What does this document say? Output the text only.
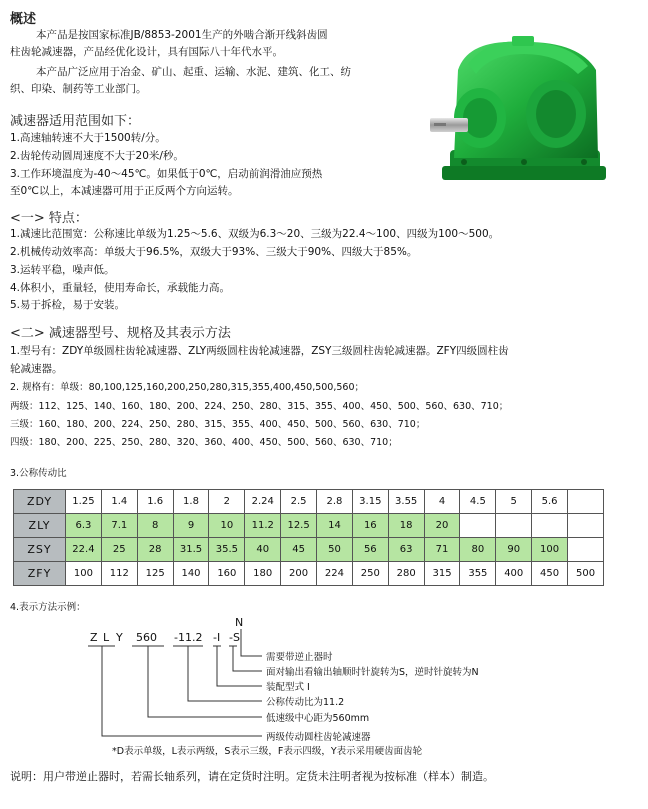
概述
本产品是按国家标准JB/8853-2001生产的外啮合渐开线斜齿圆
柱齿轮减速器，产品经优化设计，具有国际八十年代水平。
本产品广泛应用于冶金、矿山、起重、运输、水泥、建筑、化工、纺
织、印染、制药等工业部门。
减速器适用范围如下：
1.高速轴转速不大于1500转/分。
2.齿轮传动圆周速度不大于20米/秒。
3.工作环境温度为-40～45℃。如果低于0℃，启动前润滑油应预热
至0℃以上，本减速器可用于正反两个方向运转。
<一> 特点：
1.减速比范围宽：公称速比单级为1.25～5.6、双级为6.3～20、三级为22.4～100、四级为100～500。
2.机械传动效率高：单级大于96.5%，双级大于93%、三级大于90%、四级大于85%。
3.运转平稳，噪声低。
4.体积小，重量轻，使用寿命长，承载能力高。
5.易于拆检，易于安装。
<二> 减速器型号、规格及其表示方法
1.型号有：ZDY单级圆柱齿轮减速器、ZLY两级圆柱齿轮减速器，ZSY三级圆柱齿轮减速器。ZFY四级圆柱齿
轮减速器。
2. 规格有：单级：80,100,125,160,200,250,280,315,355,400,450,500,560；
两级：112、125、140、160、180、200、224、250、280、315、355、400、450、500、560、630、710；
三级：160、180、200、224、250、280、315、355、400、450、500、560、630、710；
四级：180、200、225、250、280、320、360、400、450、500、560、630、710；
3.公称传动比
ZDY	1.25	1.4	1.6	1.8	2	2.24	2.5	2.8	3.15	3.55	4	4.5	5	5.6	
ZLY	6.3	7.1	8	9	10	11.2	12.5	14	16	18	20				
ZSY	22.4	25	28	31.5	35.5	40	45	50	56	63	71	80	90	100	
ZFY	100	112	125	140	160	180	200	224	250	280	315	355	400	450	500
4.表示方法示例：
Z L Y 560 -11.2 -I -S
N
需要带逆止器时
面对输出看输出轴顺时针旋转为S，逆时针旋转为N
装配型式 I
公称传动比为11.2
低速级中心距为560mm
两级传动圆柱齿轮减速器
*D表示单级，L表示两级，S表示三级，F表示四级，Y表示采用硬齿面齿轮
说明：用户带逆止器时，若需长轴系列，请在定货时注明。定货未注明者视为按标准（样本）制造。
